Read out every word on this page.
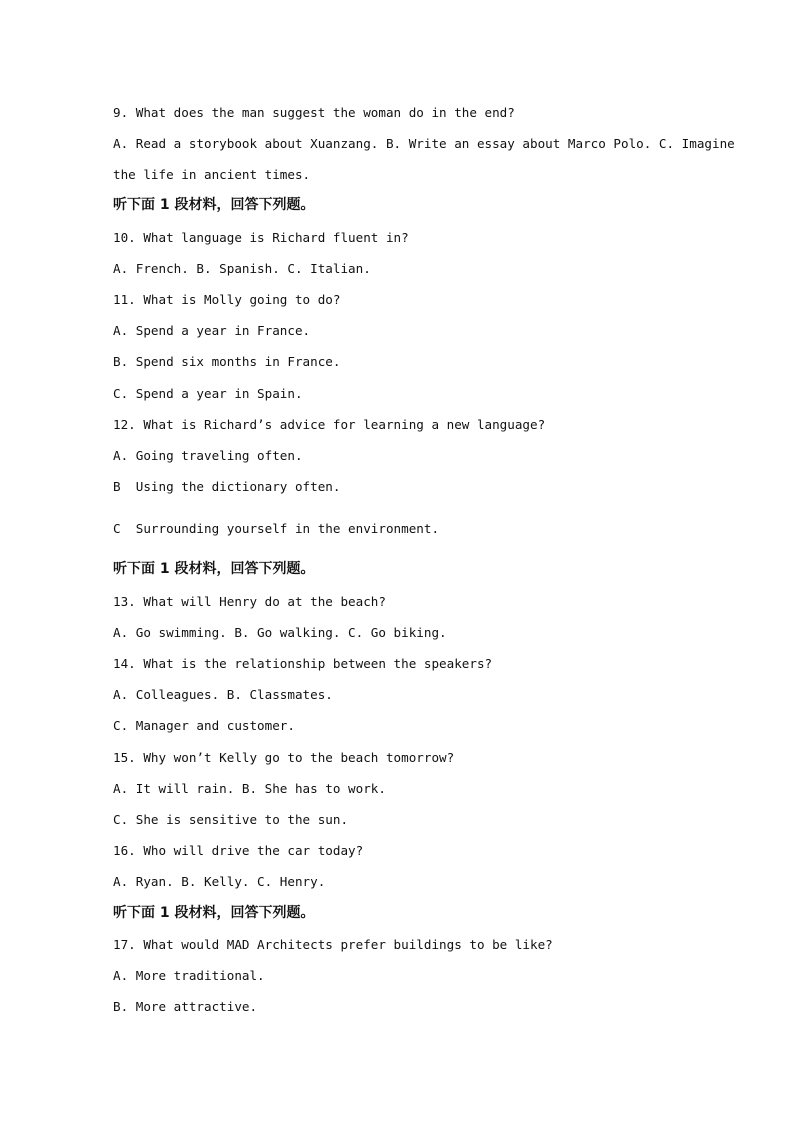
9. What does the man suggest the woman do in the end?
A. Read a storybook about Xuanzang. B. Write an essay about Marco Polo. C. Imagine
the life in ancient times.
听下面 1 段材料，回答下列题。
10. What language is Richard fluent in?
A. French. B. Spanish. C. Italian.
11. What is Molly going to do?
A. Spend a year in France.
B. Spend six months in France.
C. Spend a year in Spain.
12. What is Richard’s advice for learning a new language?
A. Going traveling often.
B  Using the dictionary often.
C  Surrounding yourself in the environment.
听下面 1 段材料，回答下列题。
13. What will Henry do at the beach?
A. Go swimming. B. Go walking. C. Go biking.
14. What is the relationship between the speakers?
A. Colleagues. B. Classmates.
C. Manager and customer.
15. Why won’t Kelly go to the beach tomorrow?
A. It will rain. B. She has to work.
C. She is sensitive to the sun.
16. Who will drive the car today?
A. Ryan. B. Kelly. C. Henry.
听下面 1 段材料，回答下列题。
17. What would MAD Architects prefer buildings to be like?
A. More traditional.
B. More attractive.
